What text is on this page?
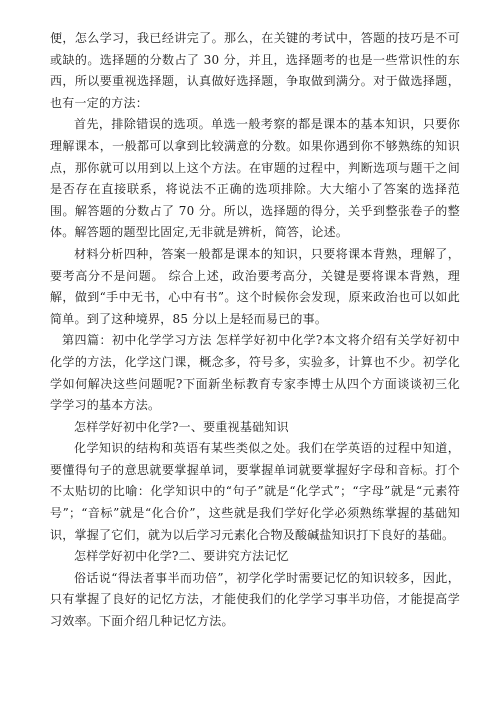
便，怎么学习，我已经讲完了。那么，在关键的考试中，答题的技巧是不可或缺的。选择题的分数占了 30 分，并且，选择题考的也是一些常识性的东西，所以要重视选择题，认真做好选择题，争取做到满分。对于做选择题，也有一定的方法：

首先，排除错误的选项。单选一般考察的都是课本的基本知识，只要你理解课本，一般都可以拿到比较满意的分数。如果你遇到你不够熟练的知识点，那你就可以用到以上这个方法。在审题的过程中，判断选项与题干之间是否存在直接联系，将说法不正确的选项排除。大大缩小了答案的选择范围。解答题的分数占了 70 分。所以，选择题的得分，关乎到整张卷子的整体。解答题的题型比固定,无非就是辨析，简答，论述。

材料分析四种，答案一般都是课本的知识，只要将课本背熟，理解了，要考高分不是问题。 综合上述，政治要考高分，关键是要将课本背熟，理解，做到“手中无书，心中有书”。这个时候你会发现，原来政治也可以如此简单。到了这种境界，85 分以上是轻而易已的事。

第四篇：初中化学学习方法 怎样学好初中化学?本文将介绍有关学好初中化学的方法，化学这门课，概念多，符号多，实验多，计算也不少。初学化学如何解决这些问题呢?下面新坐标教育专家李博士从四个方面谈谈初三化学学习的基本方法。

怎样学好初中化学?一、要重视基础知识

化学知识的结构和英语有某些类似之处。我们在学英语的过程中知道，要懂得句子的意思就要掌握单词，要掌握单词就要掌握好字母和音标。打个不太贴切的比喻：化学知识中的“句子”就是“化学式”；“字母”就是“元素符号”；“音标”就是“化合价”，这些就是我们学好化学必须熟练掌握的基础知识，掌握了它们，就为以后学习元素化合物及酸碱盐知识打下良好的基础。

怎样学好初中化学?二、要讲究方法记忆

俗话说“得法者事半而功倍”，初学化学时需要记忆的知识较多，因此，只有掌握了良好的记忆方法，才能使我们的化学学习事半功倍，才能提高学习效率。下面介绍几种记忆方法。
